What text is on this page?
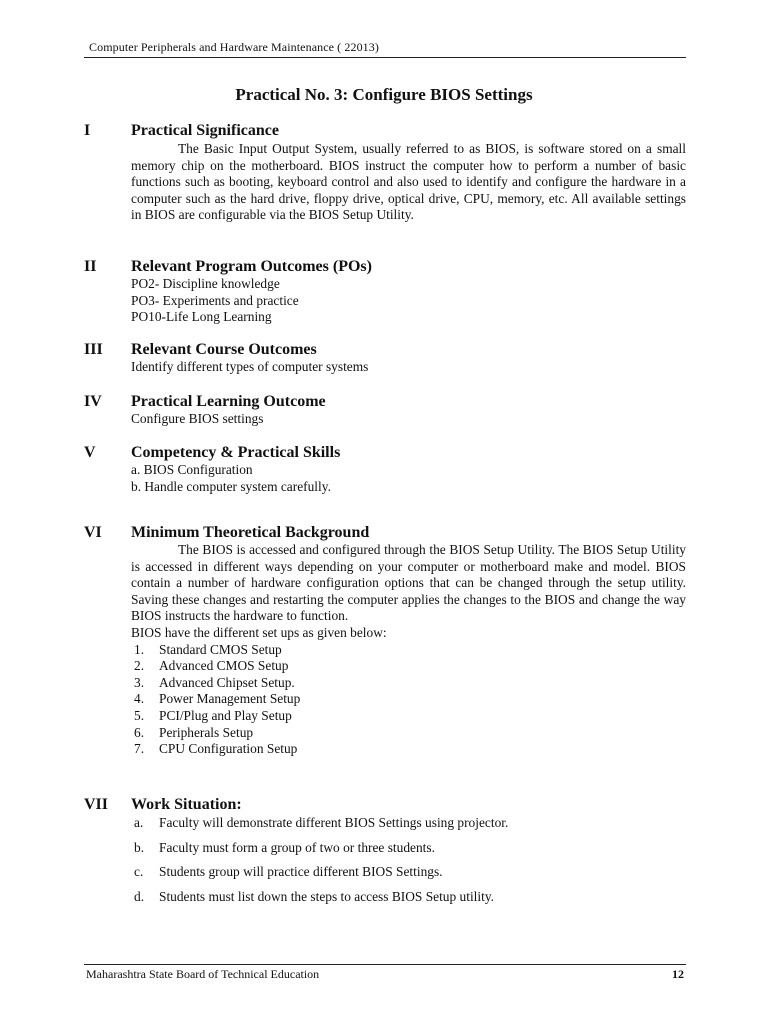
Computer Peripherals and Hardware Maintenance ( 22013)
Practical No. 3: Configure BIOS Settings
I	Practical Significance
The Basic Input Output System, usually referred to as BIOS, is software stored on a small memory chip on the motherboard. BIOS instruct the computer how to perform a number of basic functions such as booting, keyboard control and also used to identify and configure the hardware in a computer such as the hard drive, floppy drive, optical drive, CPU, memory, etc. All available settings in BIOS are configurable via the BIOS Setup Utility.
II Relevant Program Outcomes (POs)
PO2- Discipline knowledge
PO3- Experiments and practice
PO10-Life Long Learning
III Relevant Course Outcomes
Identify different types of computer systems
IV Practical Learning Outcome
Configure BIOS settings
V Competency & Practical Skills
a. BIOS Configuration
b. Handle computer system carefully.
VI Minimum Theoretical Background
The BIOS is accessed and configured through the BIOS Setup Utility. The BIOS Setup Utility is accessed in different ways depending on your computer or motherboard make and model. BIOS contain a number of hardware configuration options that can be changed through the setup utility. Saving these changes and restarting the computer applies the changes to the BIOS and change the way BIOS instructs the hardware to function.
BIOS have the different set ups as given below:
1. Standard CMOS Setup
2. Advanced CMOS Setup
3. Advanced Chipset Setup.
4. Power Management Setup
5. PCI/Plug and Play Setup
6. Peripherals Setup
7. CPU Configuration Setup
VII Work Situation:
a. Faculty will demonstrate different BIOS Settings using projector.
b. Faculty must form a group of two or three students.
c. Students group will practice different BIOS Settings.
d. Students must list down the steps to access BIOS Setup utility.
Maharashtra State Board of Technical Education	12
